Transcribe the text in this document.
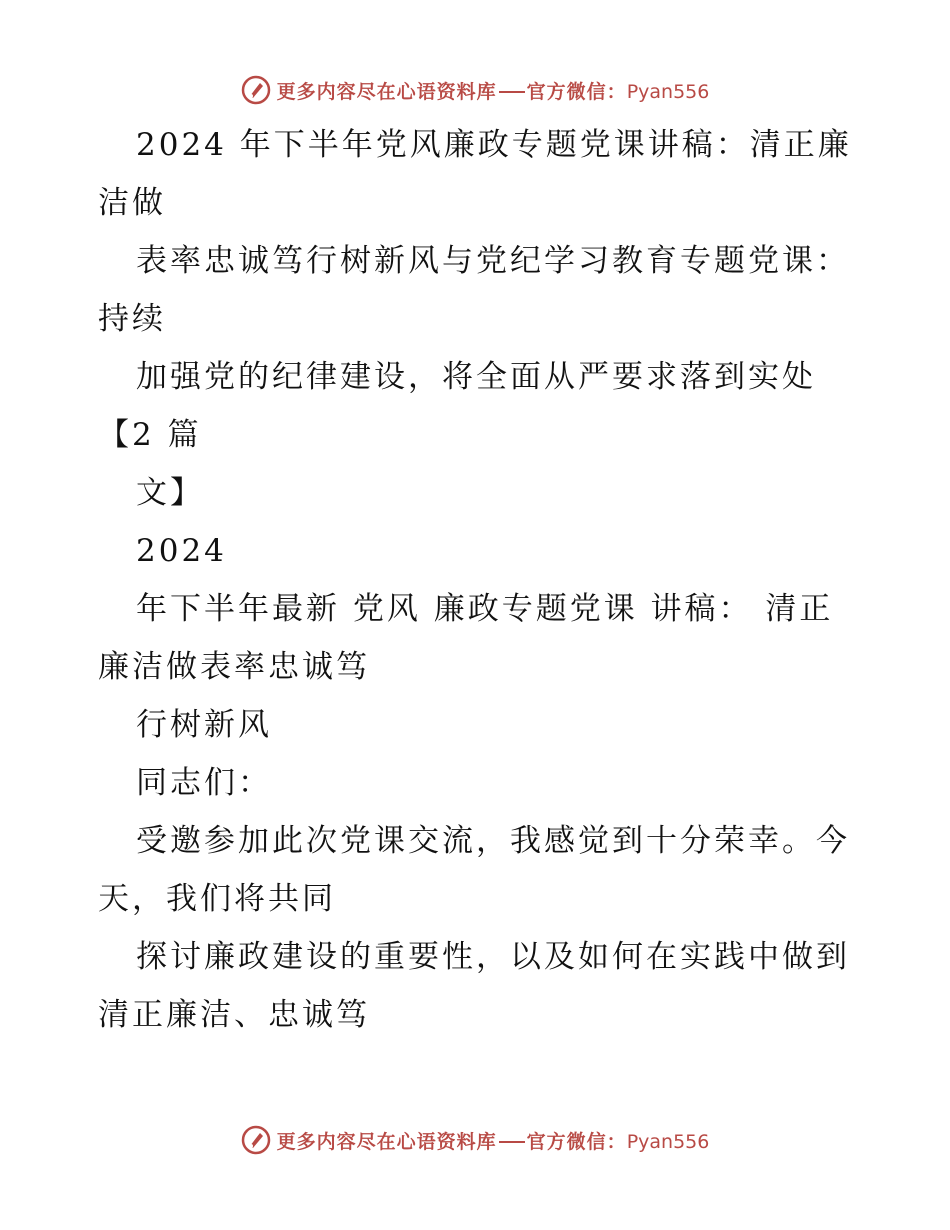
更多内容尽在心语资料库 官方微信：Pyan556

2024 年下半年党风廉政专题党课讲稿：清正廉洁做

表率忠诚笃行树新风与党纪学习教育专题党课：持续

加强党的纪律建设，将全面从严要求落到实处【2 篇

文】

2024

年下半年最新 党风 廉政专题党课 讲稿： 清正廉洁做表率忠诚笃

行树新风

同志们：

受邀参加此次党课交流，我感觉到十分荣幸。今天，我们将共同

探讨廉政建设的重要性，以及如何在实践中做到清正廉洁、忠诚笃

更多内容尽在心语资料库 官方微信：Pyan556
